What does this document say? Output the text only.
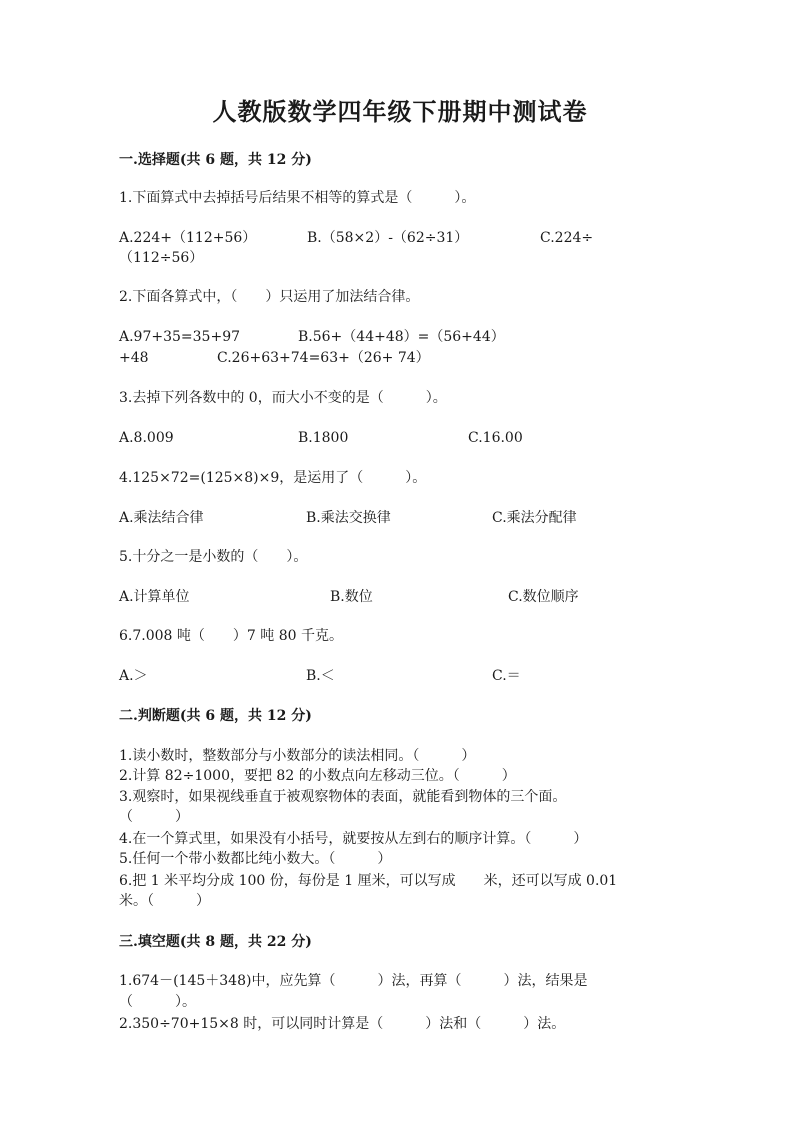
人教版数学四年级下册期中测试卷
一.选择题(共 6 题，共 12 分)
1.下面算式中去掉括号后结果不相等的算式是（　　　）。
A.224+（112+56）	B.（58×2）-（62÷31）	C.224÷
（112÷56）
2.下面各算式中，（　　）只运用了加法结合律。
A.97+35=35+97	B.56+（44+48）=（56+44）
+48	C.26+63+74=63+（26+ 74）
3.去掉下列各数中的 0，而大小不变的是（　　　）。
A.8.009	B.1800	C.16.00
4.125×72=(125×8)×9，是运用了（　　　）。
A.乘法结合律	B.乘法交换律	C.乘法分配律
5.十分之一是小数的（　　）。
A.计算单位	B.数位	C.数位顺序
6.7.008 吨（　　）7 吨 80 千克。
A.＞	B.＜	C.＝
二.判断题(共 6 题，共 12 分)
1.读小数时，整数部分与小数部分的读法相同。（　　　）
2.计算 82÷1000，要把 82 的小数点向左移动三位。（　　　）
3.观察时，如果视线垂直于被观察物体的表面，就能看到物体的三个面。
（　　　）
4.在一个算式里，如果没有小括号，就要按从左到右的顺序计算。（　　　）
5.任何一个带小数都比纯小数大。（　　　）
6.把 1 米平均分成 100 份，每份是 1 厘米，可以写成　　米，还可以写成 0.01
米。（　　　）
三.填空题(共 8 题，共 22 分)
1.674－(145＋348)中，应先算（　　　）法，再算（　　　）法，结果是
（　　　）。
2.350÷70+15×8 时，可以同时计算是（　　　）法和（　　　）法。
